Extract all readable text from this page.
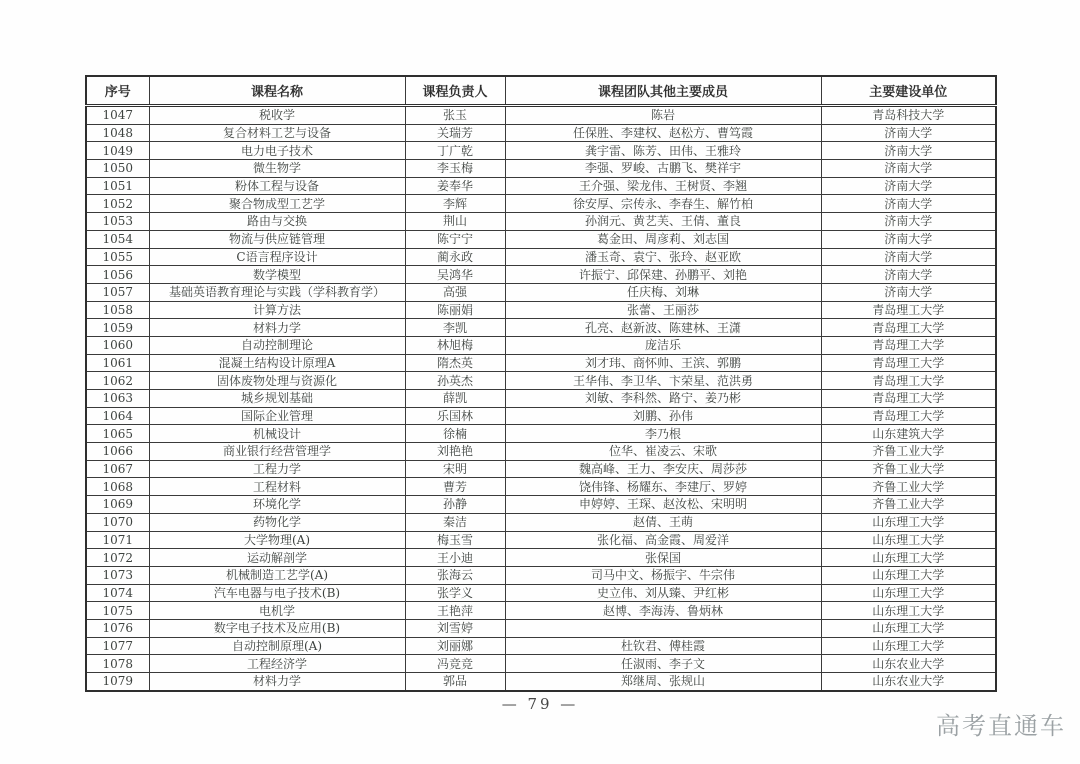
序号	课程名称	课程负责人	课程团队其他主要成员	主要建设单位
1047	税收学	张玉	陈岩	青岛科技大学
1048	复合材料工艺与设备	关瑞芳	任保胜、李建权、赵松方、曹笃霞	济南大学
1049	电力电子技术	丁广乾	龚宇雷、陈芳、田伟、王雅玲	济南大学
1050	微生物学	李玉梅	李强、罗峻、古鹏飞、樊祥宇	济南大学
1051	粉体工程与设备	姜奉华	王介强、梁龙伟、王树贤、李翘	济南大学
1052	聚合物成型工艺学	李辉	徐安厚、宗传永、李春生、解竹柏	济南大学
1053	路由与交换	荆山	孙润元、黄艺芙、王倩、董良	济南大学
1054	物流与供应链管理	陈宁宁	葛金田、周彦莉、刘志国	济南大学
1055	C语言程序设计	蔺永政	潘玉奇、袁宁、张玲、赵亚欧	济南大学
1056	数学模型	吴鸿华	许振宁、邱保建、孙鹏平、刘艳	济南大学
1057	基础英语教育理论与实践（学科教育学）	高强	任庆梅、刘琳	济南大学
1058	计算方法	陈丽娟	张蕾、王丽莎	青岛理工大学
1059	材料力学	李凯	孔亮、赵新波、陈建林、王潇	青岛理工大学
1060	自动控制理论	林旭梅	庞洁乐	青岛理工大学
1061	混凝土结构设计原理A	隋杰英	刘才玮、商怀帅、王滨、郭鹏	青岛理工大学
1062	固体废物处理与资源化	孙英杰	王华伟、李卫华、卞荣星、范洪勇	青岛理工大学
1063	城乡规划基础	薛凯	刘敏、李科然、路宁、姜乃彬	青岛理工大学
1064	国际企业管理	乐国林	刘鹏、孙伟	青岛理工大学
1065	机械设计	徐楠	李乃根	山东建筑大学
1066	商业银行经营管理学	刘艳艳	位华、崔凌云、宋歌	齐鲁工业大学
1067	工程力学	宋明	魏高峰、王力、李安庆、周莎莎	齐鲁工业大学
1068	工程材料	曹芳	饶伟锋、杨耀东、李建厅、罗婷	齐鲁工业大学
1069	环境化学	孙静	申婷婷、王琛、赵汝松、宋明明	齐鲁工业大学
1070	药物化学	秦洁	赵倩、王萌	山东理工大学
1071	大学物理(A)	梅玉雪	张化福、高金霞、周爱洋	山东理工大学
1072	运动解剖学	王小迪	张保国	山东理工大学
1073	机械制造工艺学(A)	张海云	司马中文、杨振宇、牛宗伟	山东理工大学
1074	汽车电器与电子技术(B)	张学义	史立伟、刘从臻、尹红彬	山东理工大学
1075	电机学	王艳萍	赵博、李海涛、鲁炳林	山东理工大学
1076	数字电子技术及应用(B)	刘雪婷		山东理工大学
1077	自动控制原理(A)	刘丽娜	杜钦君、傅桂霞	山东理工大学
1078	工程经济学	冯竞竞	任淑雨、李子文	山东农业大学
1079	材料力学	郭品	郑继周、张规山	山东农业大学
— 79 —
高考直通车
